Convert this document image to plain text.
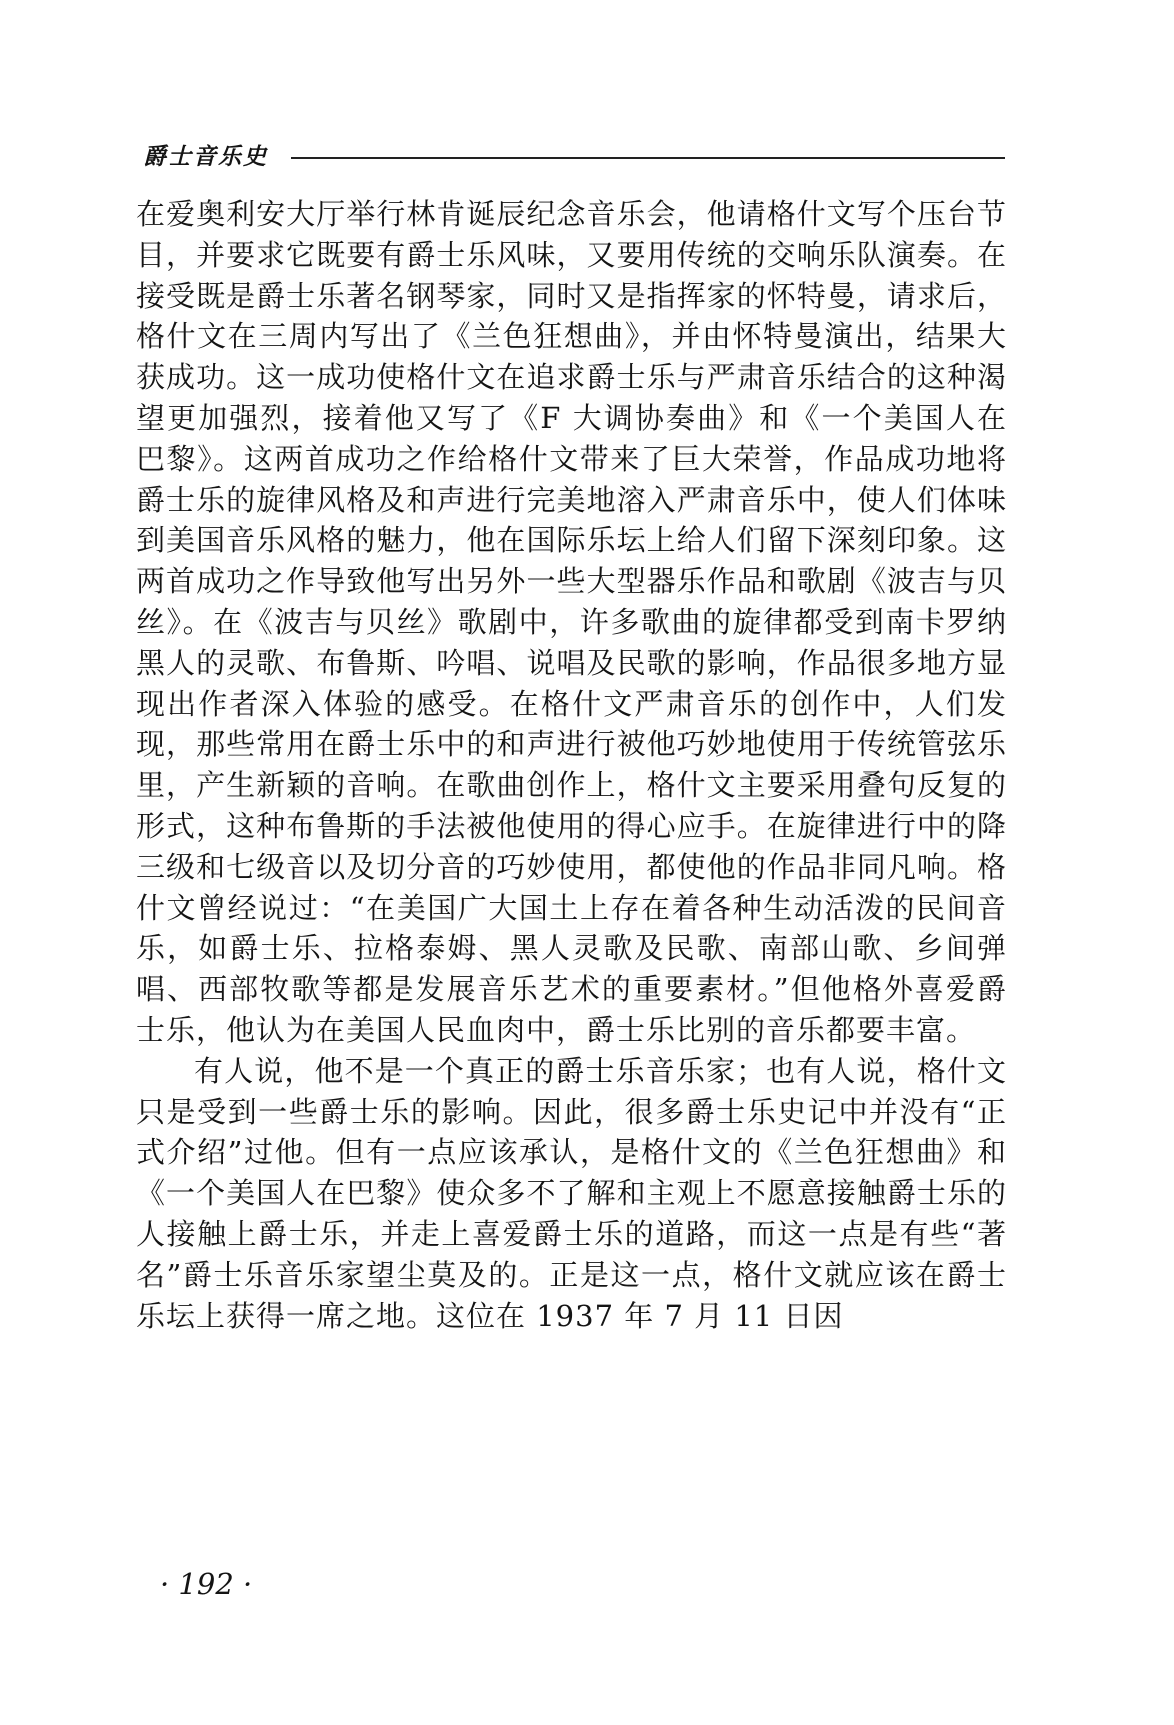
爵士音乐史

在爱奥利安大厅举行林肯诞辰纪念音乐会，他请格什文写个压台节目，并要求它既要有爵士乐风味，又要用传统的交响乐队演奏。在接受既是爵士乐著名钢琴家，同时又是指挥家的怀特曼，请求后，格什文在三周内写出了《兰色狂想曲》，并由怀特曼演出，结果大获成功。这一成功使格什文在追求爵士乐与严肃音乐结合的这种渴望更加强烈，接着他又写了《F 大调协奏曲》和《一个美国人在巴黎》。这两首成功之作给格什文带来了巨大荣誉，作品成功地将爵士乐的旋律风格及和声进行完美地溶入严肃音乐中，使人们体味到美国音乐风格的魅力，他在国际乐坛上给人们留下深刻印象。这两首成功之作导致他写出另外一些大型器乐作品和歌剧《波吉与贝丝》。在《波吉与贝丝》歌剧中，许多歌曲的旋律都受到南卡罗纳黑人的灵歌、布鲁斯、吟唱、说唱及民歌的影响，作品很多地方显现出作者深入体验的感受。在格什文严肃音乐的创作中，人们发现，那些常用在爵士乐中的和声进行被他巧妙地使用于传统管弦乐里，产生新颖的音响。在歌曲创作上，格什文主要采用叠句反复的形式，这种布鲁斯的手法被他使用的得心应手。在旋律进行中的降三级和七级音以及切分音的巧妙使用，都使他的作品非同凡响。格什文曾经说过：“在美国广大国土上存在着各种生动活泼的民间音乐，如爵士乐、拉格泰姆、黑人灵歌及民歌、南部山歌、乡间弹唱、西部牧歌等都是发展音乐艺术的重要素材。”但他格外喜爱爵士乐，他认为在美国人民血肉中，爵士乐比别的音乐都要丰富。

有人说，他不是一个真正的爵士乐音乐家；也有人说，格什文只是受到一些爵士乐的影响。因此，很多爵士乐史记中并没有“正式介绍”过他。但有一点应该承认，是格什文的《兰色狂想曲》和《一个美国人在巴黎》使众多不了解和主观上不愿意接触爵士乐的人接触上爵士乐，并走上喜爱爵士乐的道路，而这一点是有些“著名”爵士乐音乐家望尘莫及的。正是这一点，格什文就应该在爵士乐坛上获得一席之地。这位在 1937 年 7 月 11 日因

· 192 ·
